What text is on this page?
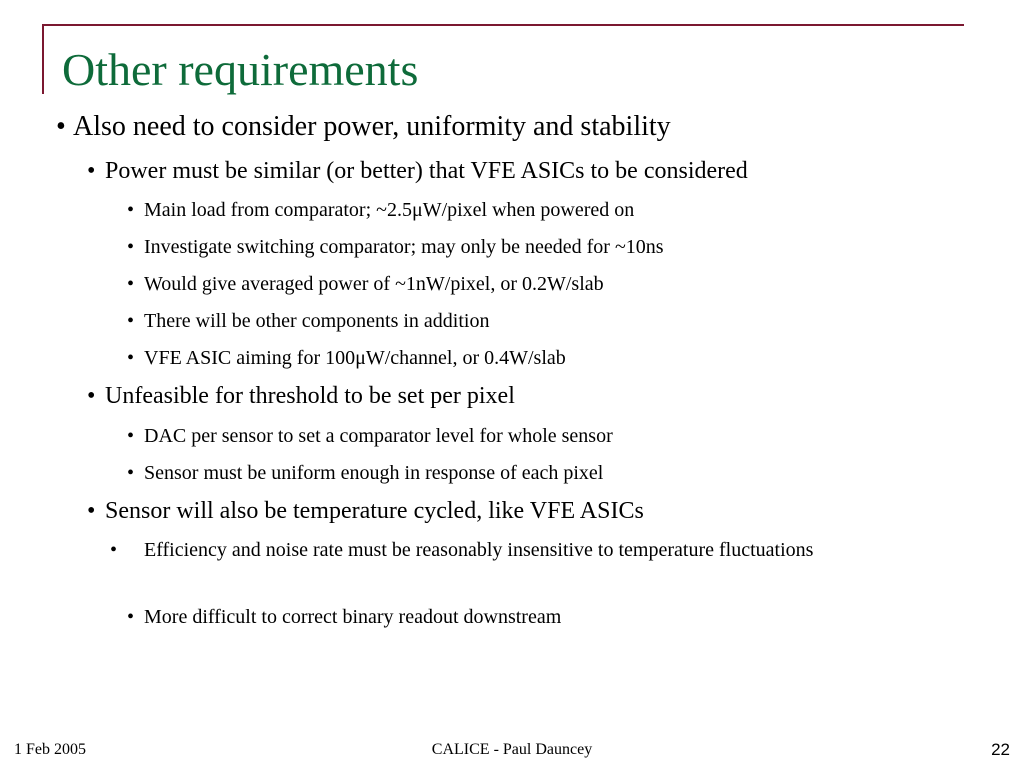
Other requirements
• Also need to consider power, uniformity and stability
• Power must be similar (or better) that VFE ASICs to be considered
• Main load from comparator; ~2.5μW/pixel when powered on
• Investigate switching comparator; may only be needed for ~10ns
• Would give averaged power of ~1nW/pixel, or 0.2W/slab
• There will be other components in addition
• VFE ASIC aiming for 100μW/channel, or 0.4W/slab
• Unfeasible for threshold to be set per pixel
• DAC per sensor to set a comparator level for whole sensor
• Sensor must be uniform enough in response of each pixel
• Sensor will also be temperature cycled, like VFE ASICs
• Efficiency and noise rate must be reasonably insensitive to temperature fluctuations
• More difficult to correct binary readout downstream
1 Feb 2005	CALICE - Paul Dauncey	22
